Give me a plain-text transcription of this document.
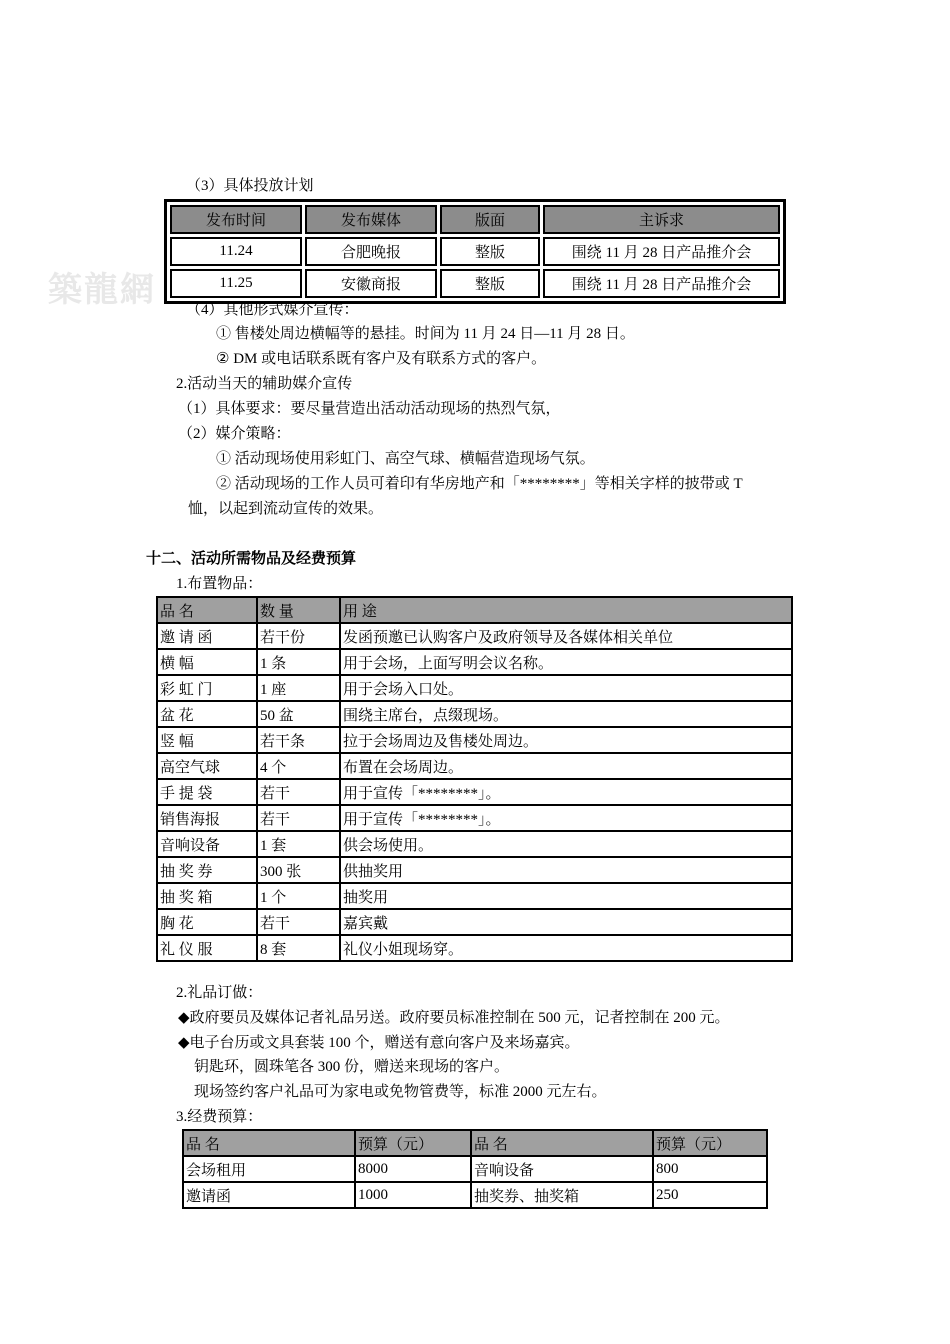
築龍網
（3）具体投放计划
发布时间	发布媒体	版面	主诉求
11.24	合肥晚报	整版	围绕 11 月 28 日产品推介会
11.25	安徽商报	整版	围绕 11 月 28 日产品推介会
（4）其他形式媒介宣传：
① 售楼处周边横幅等的悬挂。时间为 11 月 24 日—11 月 28 日。
② DM 或电话联系既有客户及有联系方式的客户。
2.活动当天的辅助媒介宣传
（1）具体要求：要尽量营造出活动活动现场的热烈气氛，
（2）媒介策略：
① 活动现场使用彩虹门、高空气球、横幅营造现场气氛。
② 活动现场的工作人员可着印有华房地产和「********」等相关字样的披带或 T
恤，以起到流动宣传的效果。
十二、活动所需物品及经费预算
1.布置物品：
品 名	数 量	用 途
邀 请 函	若干份	发函预邀已认购客户及政府领导及各媒体相关单位
横 幅	1 条	用于会场，上面写明会议名称。
彩 虹 门	1 座	用于会场入口处。
盆 花	50 盆	围绕主席台，点缀现场。
竖 幅	若干条	拉于会场周边及售楼处周边。
高空气球	4 个	布置在会场周边。
手 提 袋	若干	用于宣传「********」。
销售海报	若干	用于宣传「********」。
音响设备	1 套	供会场使用。
抽 奖 券	300 张	供抽奖用
抽 奖 箱	1 个	抽奖用
胸 花	若干	嘉宾戴
礼 仪 服	8 套	礼仪小姐现场穿。
2.礼品订做：
◆政府要员及媒体记者礼品另送。政府要员标准控制在 500 元，记者控制在 200 元。
◆电子台历或文具套装 100 个，赠送有意向客户及来场嘉宾。
钥匙环，圆珠笔各 300 份，赠送来现场的客户。
现场签约客户礼品可为家电或免物管费等，标准 2000 元左右。
3.经费预算：
品 名	预算（元）	品 名	预算（元）
会场租用	8000	音响设备	800
邀请函	1000	抽奖券、抽奖箱	250
